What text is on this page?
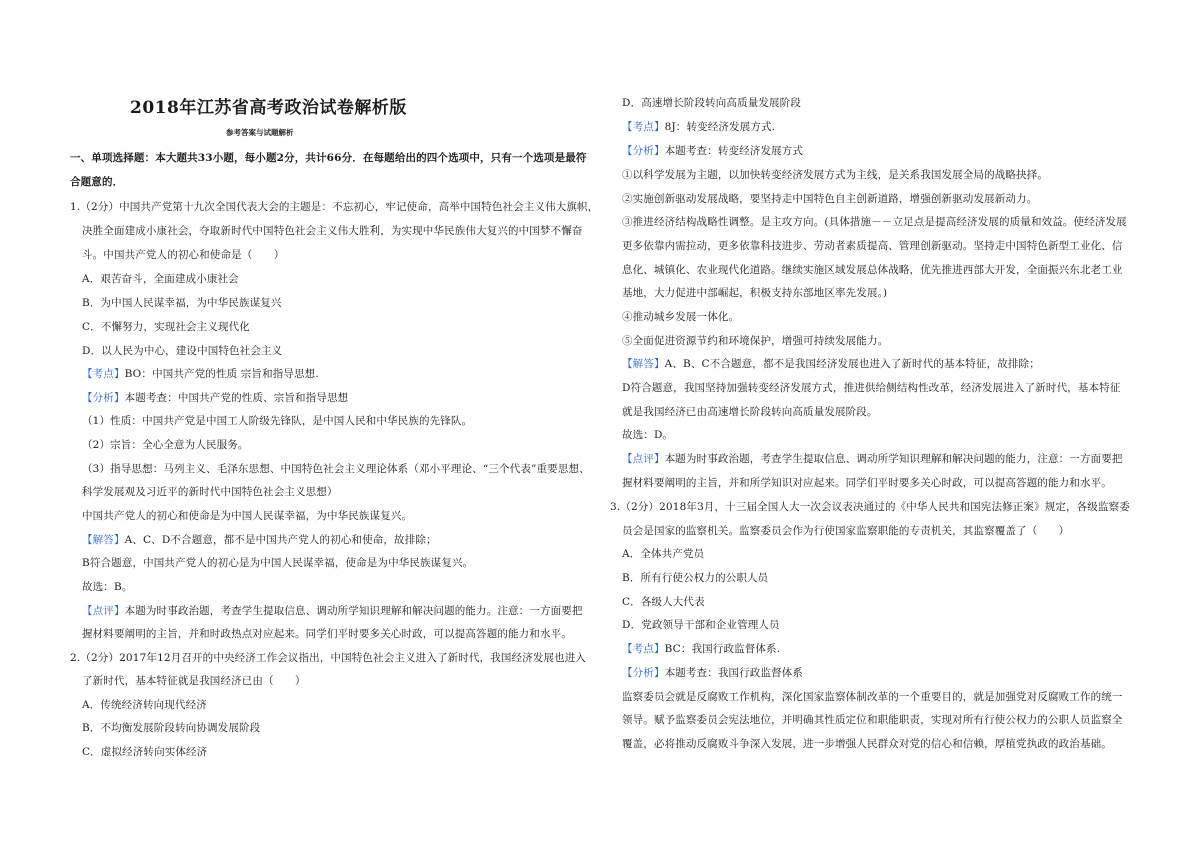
2018年江苏省高考政治试卷解析版
参考答案与试题解析
一、单项选择题：本大题共33小题，每小题2分，共计66分．在每题给出的四个选项中，只有一个选项是最符
合题意的．
1.（2分）中国共产党第十九次全国代表大会的主题是：不忘初心，牢记使命，高举中国特色社会主义伟大旗帜，
决胜全面建成小康社会，夺取新时代中国特色社会主义伟大胜利，为实现中华民族伟大复兴的中国梦不懈奋
斗。中国共产党人的初心和使命是（　　）
A．艰苦奋斗，全面建成小康社会
B．为中国人民谋幸福，为中华民族谋复兴
C．不懈努力，实现社会主义现代化
D．以人民为中心，建设中国特色社会主义
【考点】BO：中国共产党的性质 宗旨和指导思想.
【分析】本题考查：中国共产党的性质、宗旨和指导思想
（1）性质：中国共产党是中国工人阶级先锋队，是中国人民和中华民族的先锋队。
（2）宗旨：全心全意为人民服务。
（3）指导思想：马列主义、毛泽东思想、中国特色社会主义理论体系（邓小平理论、“三个代表”重要思想、
科学发展观及习近平的新时代中国特色社会主义思想）
中国共产党人的初心和使命是为中国人民谋幸福，为中华民族谋复兴。
【解答】A、C、D不合题意，都不是中国共产党人的初心和使命，故排除；
B符合题意，中国共产党人的初心是为中国人民谋幸福，使命是为中华民族谋复兴。
故选：B。
【点评】本题为时事政治题，考查学生提取信息、调动所学知识理解和解决问题的能力。注意：一方面要把
握材料要阐明的主旨，并和时政热点对应起来。同学们平时要多关心时政，可以提高答题的能力和水平。
2.（2分）2017年12月召开的中央经济工作会议指出，中国特色社会主义进入了新时代，我国经济发展也进入
了新时代，基本特征就是我国经济已由（　　）
A．传统经济转向现代经济
B．不均衡发展阶段转向协调发展阶段
C．虚拟经济转向实体经济
D．高速增长阶段转向高质量发展阶段
【考点】8J：转变经济发展方式.
【分析】本题考查：转变经济发展方式
①以科学发展为主题，以加快转变经济发展方式为主线，是关系我国发展全局的战略抉择。
②实施创新驱动发展战略，要坚持走中国特色自主创新道路，增强创新驱动发展新动力。
③推进经济结构战略性调整。是主攻方向。(具体措施－－立足点是提高经济发展的质量和效益。使经济发展
更多依靠内需拉动，更多依靠科技进步、劳动者素质提高、管理创新驱动。坚持走中国特色新型工业化、信
息化、城镇化、农业现代化道路。继续实施区域发展总体战略，优先推进西部大开发，全面振兴东北老工业
基地，大力促进中部崛起，积极支持东部地区率先发展。)
④推动城乡发展一体化。
⑤全面促进资源节约和环境保护，增强可持续发展能力。
【解答】A、B、C不合题意，都不是我国经济发展也进入了新时代的基本特征，故排除；
D符合题意，我国坚持加强转变经济发展方式，推进供给侧结构性改革，经济发展进入了新时代，基本特征
就是我国经济已由高速增长阶段转向高质量发展阶段。
故选：D。
【点评】本题为时事政治题，考查学生提取信息、调动所学知识理解和解决问题的能力，注意：一方面要把
握材料要阐明的主旨，并和所学知识对应起来。同学们平时要多关心时政，可以提高答题的能力和水平。
3.（2分）2018年3月，十三届全国人大一次会议表决通过的《中华人民共和国宪法修正案》规定，各级监察委
员会是国家的监察机关。监察委员会作为行使国家监察职能的专责机关，其监察覆盖了（　　）
A．全体共产党员
B．所有行使公权力的公职人员
C．各级人大代表
D．党政领导干部和企业管理人员
【考点】BC：我国行政监督体系.
【分析】本题考查：我国行政监督体系
监察委员会就是反腐败工作机构，深化国家监察体制改革的一个重要目的，就是加强党对反腐败工作的统一
领导。赋予监察委员会宪法地位，并明确其性质定位和职能职责，实现对所有行使公权力的公职人员监察全
覆盖，必将推动反腐败斗争深入发展，进一步增强人民群众对党的信心和信赖，厚植党执政的政治基础。
